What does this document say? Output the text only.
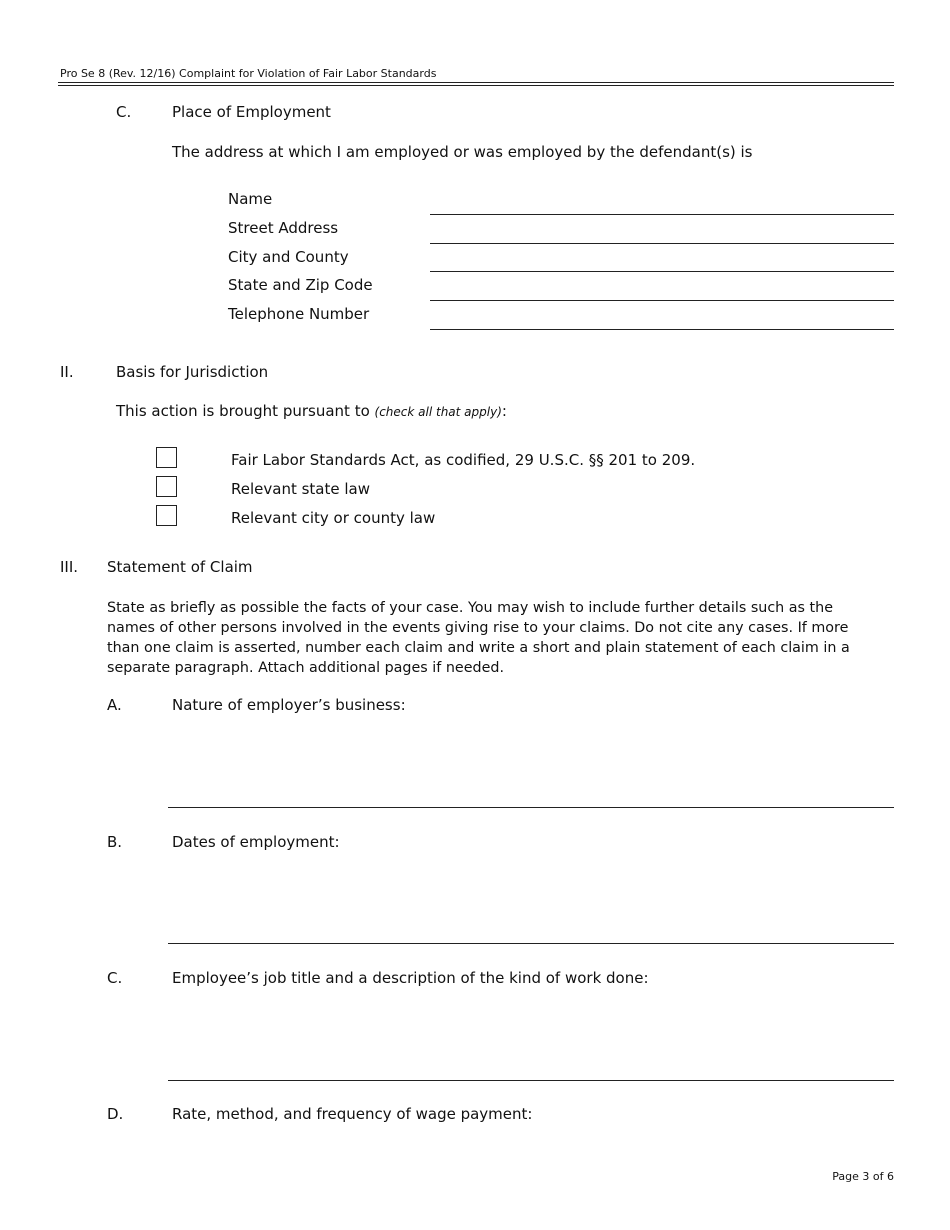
Pro Se 8 (Rev. 12/16) Complaint for Violation of Fair Labor Standards
C.	Place of Employment
The address at which I am employed or was employed by the defendant(s) is
Name
Street Address
City and County
State and Zip Code
Telephone Number
II.	Basis for Jurisdiction
This action is brought pursuant to (check all that apply):
Fair Labor Standards Act, as codified, 29 U.S.C. §§ 201 to 209.
Relevant state law
Relevant city or county law
III. Statement of Claim
State as briefly as possible the facts of your case. You may wish to include further details such as the names of other persons involved in the events giving rise to your claims. Do not cite any cases. If more than one claim is asserted, number each claim and write a short and plain statement of each claim in a separate paragraph. Attach additional pages if needed.
A.	Nature of employer’s business:
B.	Dates of employment:
C.	Employee’s job title and a description of the kind of work done:
D.	Rate, method, and frequency of wage payment:
Page 3 of 6
